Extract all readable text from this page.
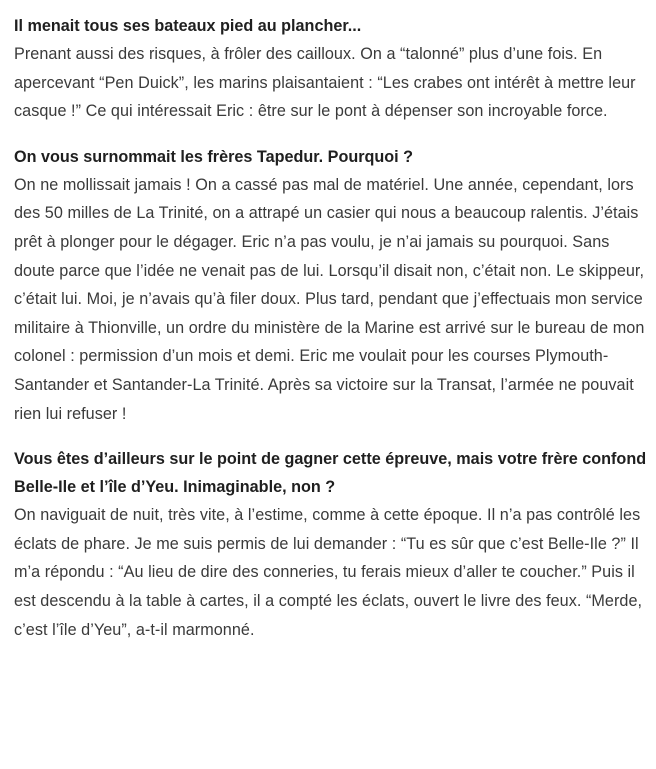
Il menait tous ses bateaux pied au plancher...

Prenant aussi des risques, à frôler des cailloux. On a “talonné” plus d’une fois. En apercevant “Pen Duick”, les marins plaisantaient : “Les crabes ont intérêt à mettre leur casque !” Ce qui intéressait Eric : être sur le pont à dépenser son incroyable force.

On vous surnommait les frères Tapedur. Pourquoi ?

On ne mollissait jamais ! On a cassé pas mal de matériel. Une année, cependant, lors des 50 milles de La Trinité, on a attrapé un casier qui nous a beaucoup ralentis. J’étais prêt à plonger pour le dégager. Eric n’a pas voulu, je n’ai jamais su pourquoi. Sans doute parce que l’idée ne venait pas de lui. Lorsqu’il disait non, c’était non. Le skippeur, c’était lui. Moi, je n’avais qu’à filer doux. Plus tard, pendant que j’effectuais mon service militaire à Thionville, un ordre du ministère de la Marine est arrivé sur le bureau de mon colonel : permission d’un mois et demi. Eric me voulait pour les courses Plymouth-Santander et Santander-La Trinité. Après sa victoire sur la Transat, l’armée ne pouvait rien lui refuser !

Vous êtes d’ailleurs sur le point de gagner cette épreuve, mais votre frère confond Belle-Ile et l’île d’Yeu. Inimaginable, non ?

On naviguait de nuit, très vite, à l’estime, comme à cette époque. Il n’a pas contrôlé les éclats de phare. Je me suis permis de lui demander : “Tu es sûr que c’est Belle-Ile ?” Il m’a répondu : “Au lieu de dire des conneries, tu ferais mieux d’aller te coucher.” Puis il est descendu à la table à cartes, il a compté les éclats, ouvert le livre des feux. “Merde, c’est l’île d’Yeu”, a-t-il marmonné.
